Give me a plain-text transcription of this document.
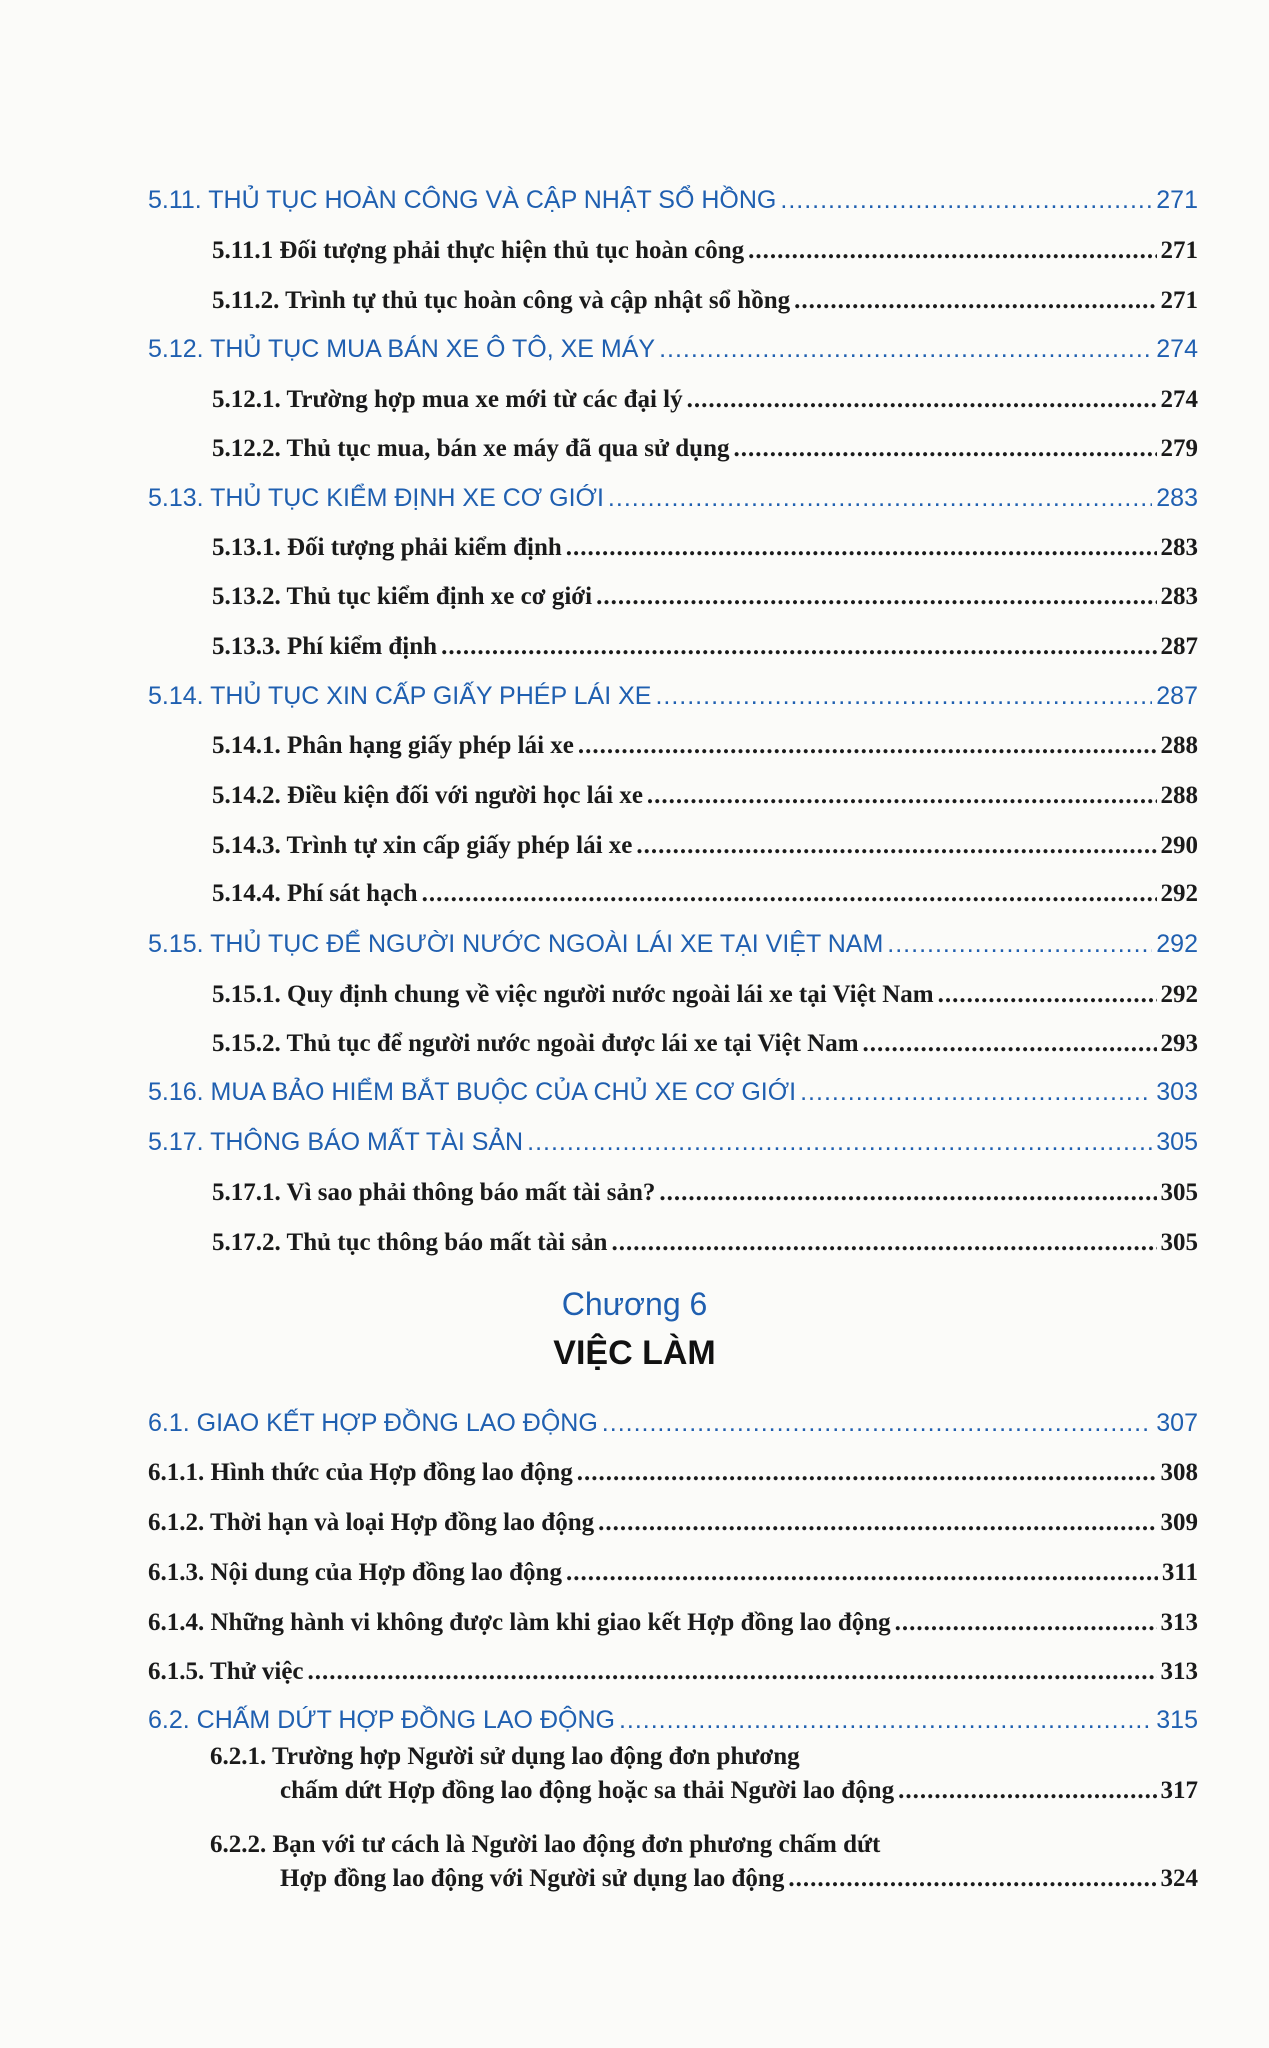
5.11. THỦ TỤC HOÀN CÔNG VÀ CẬP NHẬT SỔ HỒNG .....	271
5.11.1 Đối tượng phải thực hiện thủ tục hoàn công .....	271
5.11.2. Trình tự thủ tục hoàn công và cập nhật sổ hồng .....	271
5.12. THỦ TỤC MUA BÁN XE Ô TÔ, XE MÁY .....	274
5.12.1. Trường hợp mua xe mới từ các đại lý .....	274
5.12.2. Thủ tục mua, bán xe máy đã qua sử dụng .....	279
5.13. THỦ TỤC KIỂM ĐỊNH XE CƠ GIỚI .....	283
5.13.1. Đối tượng phải kiểm định .....	283
5.13.2. Thủ tục kiểm định xe cơ giới .....	283
5.13.3. Phí kiểm định .....	287
5.14. THỦ TỤC XIN CẤP GIẤY PHÉP LÁI XE .....	287
5.14.1. Phân hạng giấy phép lái xe .....	288
5.14.2. Điều kiện đối với người học lái xe .....	288
5.14.3. Trình tự xin cấp giấy phép lái xe .....	290
5.14.4. Phí sát hạch .....	292
5.15. THỦ TỤC ĐỂ NGƯỜI NƯỚC NGOÀI LÁI XE TẠI VIỆT NAM .....	292
5.15.1. Quy định chung về việc người nước ngoài lái xe tại Việt Nam .....	292
5.15.2. Thủ tục để người nước ngoài được lái xe tại Việt Nam .....	293
5.16. MUA BẢO HIỂM BẮT BUỘC CỦA CHỦ XE CƠ GIỚI .....	303
5.17. THÔNG BÁO MẤT TÀI SẢN .....	305
5.17.1. Vì sao phải thông báo mất tài sản? .....	305
5.17.2. Thủ tục thông báo mất tài sản .....	305
Chương 6
VIỆC LÀM
6.1. GIAO KẾT HỢP ĐỒNG LAO ĐỘNG .....	307
6.1.1. Hình thức của Hợp đồng lao động .....	308
6.1.2. Thời hạn và loại Hợp đồng lao động .....	309
6.1.3. Nội dung của Hợp đồng lao động .....	311
6.1.4. Những hành vi không được làm khi giao kết Hợp đồng lao động .....	313
6.1.5. Thử việc .....	313
6.2. CHẤM DỨT HỢP ĐỒNG LAO ĐỘNG .....	315
6.2.1. Trường hợp Người sử dụng lao động đơn phương
chấm dứt Hợp đồng lao động hoặc sa thải Người lao động .....	317
6.2.2. Bạn với tư cách là Người lao động đơn phương chấm dứt
Hợp đồng lao động với Người sử dụng lao động .....	324
